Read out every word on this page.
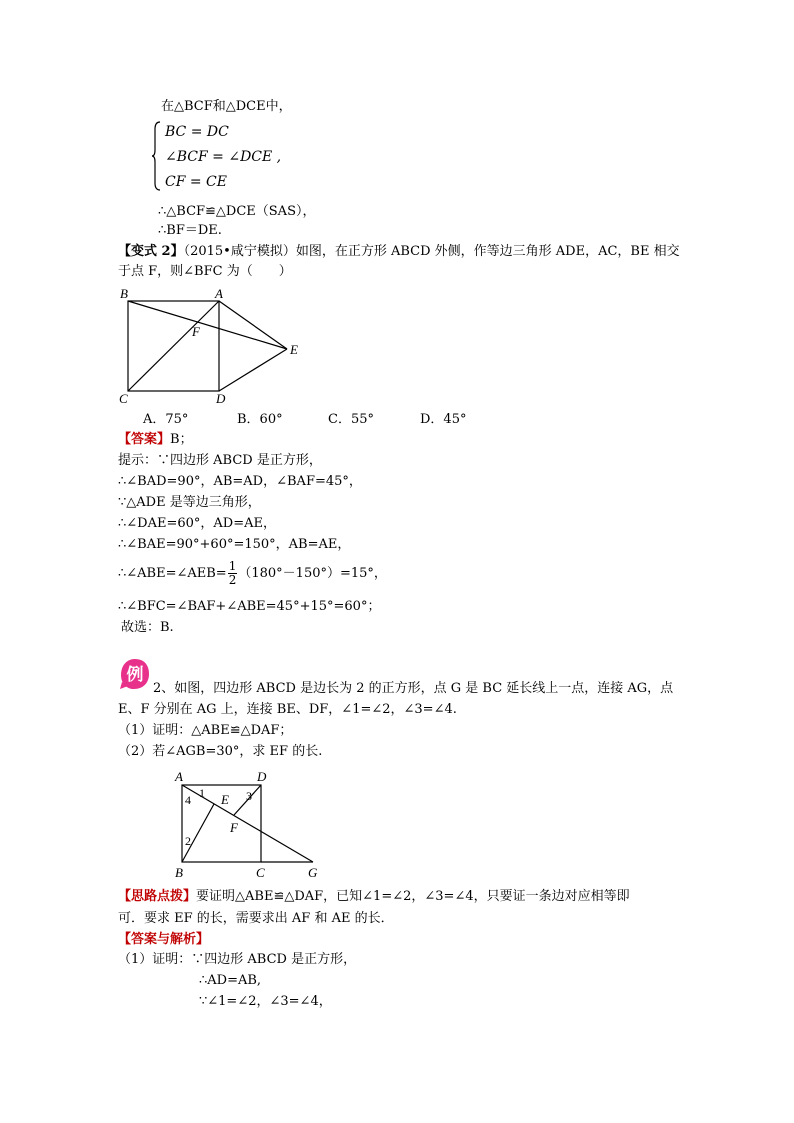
在△BCF和△DCE中，
BC = DC
∠BCF = ∠DCE ,
CF = CE
∴△BCF≌△DCE（SAS），
∴BF＝DE.
【变式 2】（2015•咸宁模拟）如图，在正方形 ABCD 外侧，作等边三角形 ADE，AC，BE 相交
于点 F，则∠BFC 为（　　）
B	A
F
E
C	D
A．75°	B．60°	C．55°	D．45°
【答案】B；
提示：∵四边形 ABCD 是正方形，
∴∠BAD=90°，AB=AD，∠BAF=45°，
∵△ADE 是等边三角形，
∴∠DAE=60°，AD=AE，
∴∠BAE=90°+60°=150°，AB=AE，
∴∠ABE=∠AEB= $\frac{1}{2} (180^\circ-150^\circ)=15^\circ$，
∴∠BFC=∠BAF+∠ABE=45°+15°=60°；
故选：B.
例
2、如图，四边形 ABCD 是边长为 2 的正方形，点 G 是 BC 延长线上一点，连接 AG，点
E、F 分别在 AG 上，连接 BE、DF，∠1=∠2，∠3=∠4.
（1）证明：△ABE≌△DAF；
（2）若∠AGB=30°，求 EF 的长.
A	D
B	C	G
E
F
1
2
3
4
【思路点拨】要证明△ABE≌△DAF，已知∠1=∠2，∠3=∠4，只要证一条边对应相等即
可．要求 EF 的长，需要求出 AF 和 AE 的长．
【答案与解析】
（1）证明：∵四边形 ABCD 是正方形，
∴AD=AB,
∵∠1=∠2，∠3=∠4，
